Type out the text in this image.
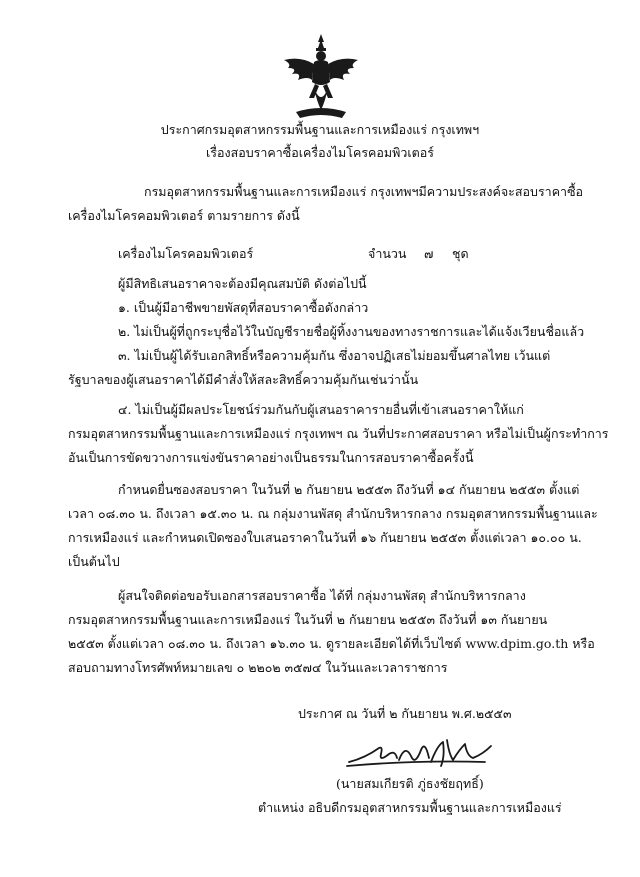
ประกาศกรมอุตสาหกรรมพื้นฐานและการเหมืองแร่ กรุงเทพฯ
เรื่องสอบราคาซื้อเครื่องไมโครคอมพิวเตอร์
กรมอุตสาหกรรมพื้นฐานและการเหมืองแร่ กรุงเทพฯมีความประสงค์จะสอบราคาซื้อ
เครื่องไมโครคอมพิวเตอร์ ตามรายการ ดังนี้
เครื่องไมโครคอมพิวเตอร์	จำนวน ๗ ชุด
ผู้มีสิทธิเสนอราคาจะต้องมีคุณสมบัติ ดังต่อไปนี้
๑. เป็นผู้มีอาชีพขายพัสดุที่สอบราคาซื้อดังกล่าว
๒. ไม่เป็นผู้ที่ถูกระบุชื่อไว้ในบัญชีรายชื่อผู้ทิ้งงานของทางราชการและได้แจ้งเวียนชื่อแล้ว
๓. ไม่เป็นผู้ได้รับเอกสิทธิ์หรือความคุ้มกัน ซึ่งอาจปฏิเสธไม่ยอมขึ้นศาลไทย เว้นแต่
รัฐบาลของผู้เสนอราคาได้มีคำสั่งให้สละสิทธิ์ความคุ้มกันเช่นว่านั้น
๔. ไม่เป็นผู้มีผลประโยชน์ร่วมกันกับผู้เสนอราคารายอื่นที่เข้าเสนอราคาให้แก่
กรมอุตสาหกรรมพื้นฐานและการเหมืองแร่ กรุงเทพฯ ณ วันที่ประกาศสอบราคา หรือไม่เป็นผู้กระทำการ
อันเป็นการขัดขวางการแข่งขันราคาอย่างเป็นธรรมในการสอบราคาซื้อครั้งนี้
กำหนดยื่นซองสอบราคา ในวันที่ ๒ กันยายน ๒๕๕๓ ถึงวันที่ ๑๔ กันยายน ๒๕๕๓ ตั้งแต่
เวลา ๐๘.๓๐ น. ถึงเวลา ๑๕.๓๐ น. ณ กลุ่มงานพัสดุ สำนักบริหารกลาง กรมอุตสาหกรรมพื้นฐานและ
การเหมืองแร่ และกำหนดเปิดซองใบเสนอราคาในวันที่ ๑๖ กันยายน ๒๕๕๓ ตั้งแต่เวลา ๑๐.๐๐ น.
เป็นต้นไป
ผู้สนใจติดต่อขอรับเอกสารสอบราคาซื้อ ได้ที่ กลุ่มงานพัสดุ สำนักบริหารกลาง
กรมอุตสาหกรรมพื้นฐานและการเหมืองแร่ ในวันที่ ๒ กันยายน ๒๕๕๓ ถึงวันที่ ๑๓ กันยายน
๒๕๕๓ ตั้งแต่เวลา ๐๘.๓๐ น. ถึงเวลา ๑๖.๓๐ น. ดูรายละเอียดได้ที่เว็บไซต์ www.dpim.go.th หรือ
สอบถามทางโทรศัพท์หมายเลข ๐ ๒๒๐๒ ๓๕๗๔ ในวันและเวลาราชการ
ประกาศ ณ วันที่ ๒ กันยายน พ.ศ.๒๕๕๓
(นายสมเกียรติ ภู่ธงชัยฤทธิ์)
ตำแหน่ง อธิบดีกรมอุตสาหกรรมพื้นฐานและการเหมืองแร่
